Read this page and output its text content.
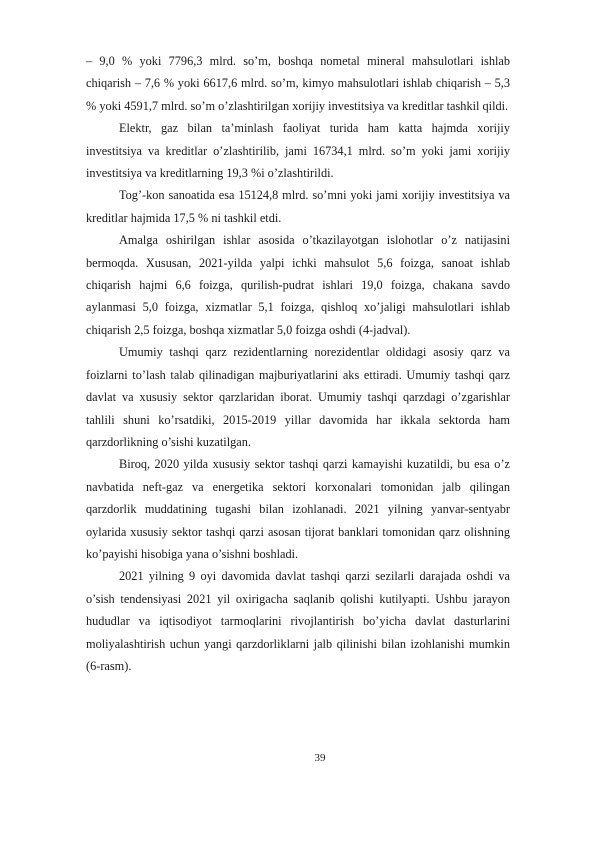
– 9,0 % yoki 7796,3 mlrd. so’m, boshqa nometal mineral mahsulotlari ishlab chiqarish – 7,6 % yoki 6617,6 mlrd. so’m, kimyo mahsulotlari ishlab chiqarish – 5,3 % yoki 4591,7 mlrd. so’m o’zlashtirilgan xorijiy investitsiya va kreditlar tashkil qildi.

Elektr, gaz bilan ta’minlash faoliyat turida ham katta hajmda xorijiy investitsiya va kreditlar o’zlashtirilib, jami 16734,1 mlrd. so’m yoki jami xorijiy investitsiya va kreditlarning 19,3 %i o’zlashtirildi.

Tog’-kon sanoatida esa 15124,8 mlrd. so’mni yoki jami xorijiy investitsiya va kreditlar hajmida 17,5 % ni tashkil etdi.

Amalga oshirilgan ishlar asosida o’tkazilayotgan islohotlar o’z natijasini bermoqda. Xususan, 2021-yilda yalpi ichki mahsulot 5,6 foizga, sanoat ishlab chiqarish hajmi 6,6 foizga, qurilish-pudrat ishlari 19,0 foizga, chakana savdo aylanmasi 5,0 foizga, xizmatlar 5,1 foizga, qishloq xo’jaligi mahsulotlari ishlab chiqarish 2,5 foizga, boshqa xizmatlar 5,0 foizga oshdi (4-jadval).

Umumiy tashqi qarz rezidentlarning norezidentlar oldidagi asosiy qarz va foizlarni to’lash talab qilinadigan majburiyatlarini aks ettiradi. Umumiy tashqi qarz davlat va xususiy sektor qarzlaridan iborat. Umumiy tashqi qarzdagi o’zgarishlar tahlili shuni ko’rsatdiki, 2015-2019 yillar davomida har ikkala sektorda ham qarzdorlikning o’sishi kuzatilgan.

Biroq, 2020 yilda xususiy sektor tashqi qarzi kamayishi kuzatildi, bu esa o’z navbatida neft-gaz va energetika sektori korxonalari tomonidan jalb qilingan qarzdorlik muddatining tugashi bilan izohlanadi. 2021 yilning yanvar-sentyabr oylarida xususiy sektor tashqi qarzi asosan tijorat banklari tomonidan qarz olishning ko’payishi hisobiga yana o’sishni boshladi.

2021 yilning 9 oyi davomida davlat tashqi qarzi sezilarli darajada oshdi va o’sish tendensiyasi 2021 yil oxirigacha saqlanib qolishi kutilyapti. Ushbu jarayon hududlar va iqtisodiyot tarmoqlarini rivojlantirish bo’yicha davlat dasturlarini moliyalashtirish uchun yangi qarzdorliklarni jalb qilinishi bilan izohlanishi mumkin (6-rasm).

39
